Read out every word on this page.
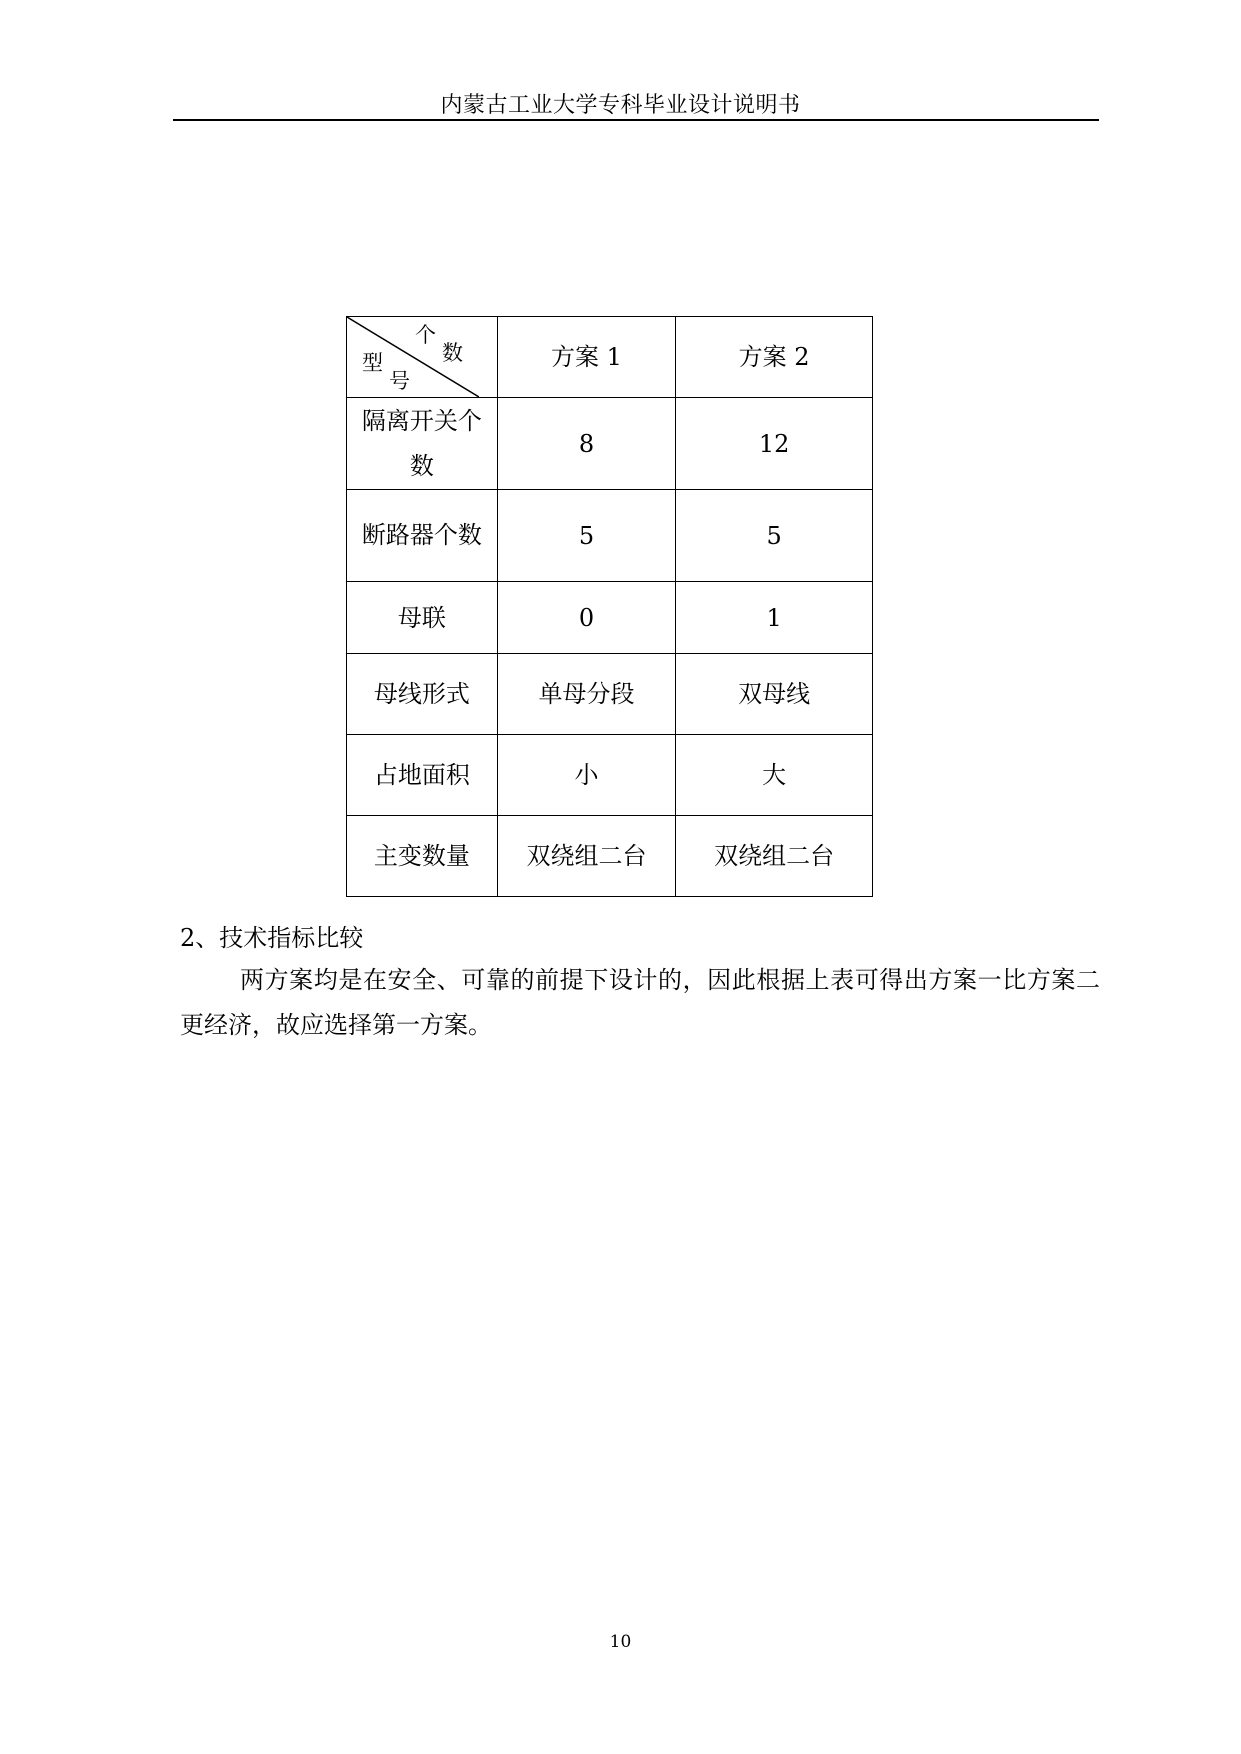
内蒙古工业大学专科毕业设计说明书
个
数
型
号	方案 1	方案 2
隔离开关个数	8	12
断路器个数	5	5
母联	0	1
母线形式	单母分段	双母线
占地面积	小	大
主变数量	双绕组二台	双绕组二台
2、技术指标比较
两方案均是在安全、可靠的前提下设计的，因此根据上表可得出方案一比方案二更经济，故应选择第一方案。
10
